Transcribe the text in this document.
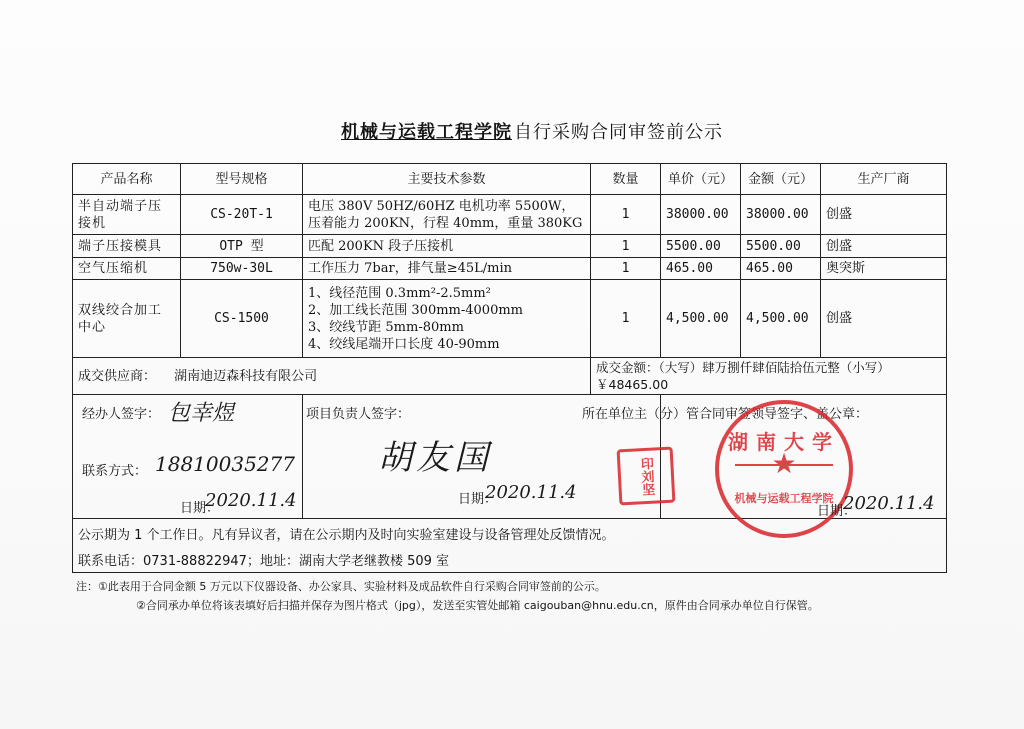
机械与运载工程学院 自行采购合同审签前公示
产品名称	型号规格	主要技术参数	数量	单价（元）	金额（元）	生产厂商
半自动端子压接机	CS-20T-1	电压 380V 50HZ/60HZ 电机功率 5500W，压着能力 200KN，行程 40mm，重量 380KG	1	38000.00	38000.00	创盛
端子压接模具	OTP 型	匹配 200KN 段子压接机	1	5500.00	5500.00	创盛
空气压缩机	750w-30L	工作压力 7bar，排气量≥45L/min	1	465.00	465.00	奥突斯
双线绞合加工中心	CS-1500	1、线径范围 0.3mm²-2.5mm²
2、加工线长范围 300mm-4000mm
3、绞线节距 5mm-80mm
4、绞线尾端开口长度 40-90mm	1	4,500.00	4,500.00	创盛
成交供应商： 湖南迪迈森科技有限公司			成交金额：（大写）肆万捌仟肆佰陆拾伍元整（小写）￥48465.00			

公示期为 1 个工作日。凡有异议者，请在公示期内及时向实验室建设与设备管理处反馈情况。
联系电话：0731-88822947；地址：湖南大学老继教楼 509 室						
经办人签字： 包幸煜
联系方式： 18810035277
日期：
2020.11.4
项目负责人签字：
胡友国
日期：
2020.11.4
所在单位主（分）管合同审签领导签字、盖公章：
印刘坚
湖南大学
★
机械与运载工程学院
日期：
2020.11.4
注：①此表用于合同金额 5 万元以下仪器设备、办公家具、实验材料及成品软件自行采购合同审签前的公示。
②合同承办单位将该表填好后扫描并保存为图片格式（jpg），发送至实管处邮箱 caigouban@hnu.edu.cn，原件由合同承办单位自行保管。
